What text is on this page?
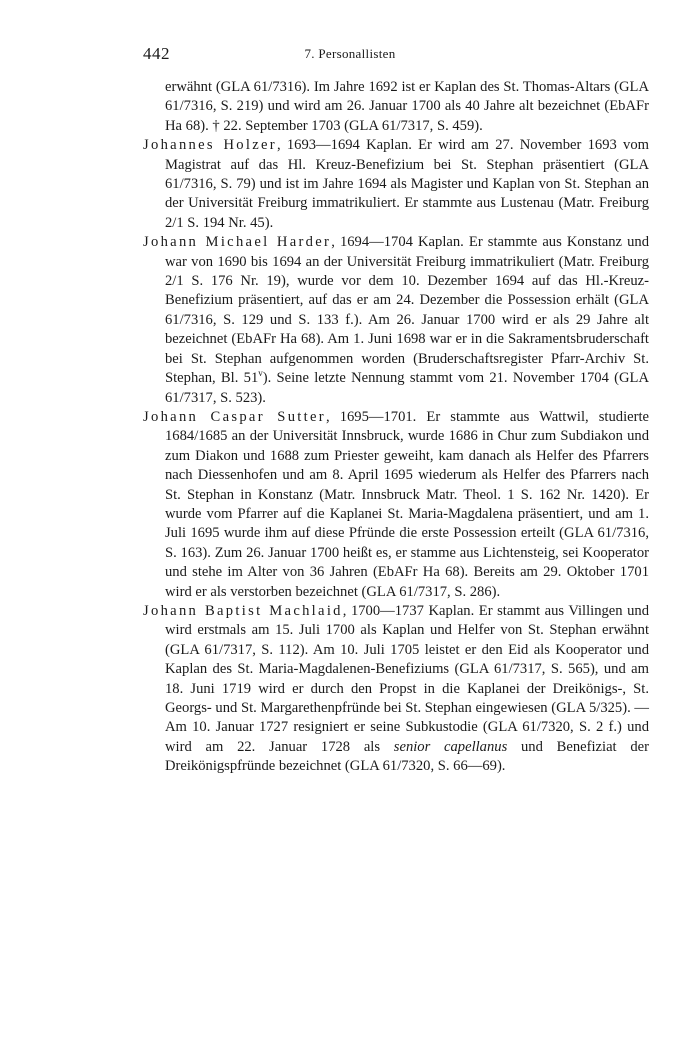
442	7. Personallisten

erwähnt (GLA 61/7316). Im Jahre 1692 ist er Kaplan des St. Thomas-Altars (GLA 61/7316, S. 219) und wird am 26. Januar 1700 als 40 Jahre alt bezeichnet (EbAFr Ha 68). † 22. September 1703 (GLA 61/7317, S. 459).

Johannes Holzer, 1693—1694 Kaplan. Er wird am 27. November 1693 vom Magistrat auf das Hl. Kreuz-Benefizium bei St. Stephan präsentiert (GLA 61/7316, S. 79) und ist im Jahre 1694 als Magister und Kaplan von St. Stephan an der Universität Freiburg immatrikuliert. Er stammte aus Lustenau (Matr. Freiburg 2/1 S. 194 Nr. 45).

Johann Michael Harder, 1694—1704 Kaplan. Er stammte aus Konstanz und war von 1690 bis 1694 an der Universität Freiburg immatrikuliert (Matr. Freiburg 2/1 S. 176 Nr. 19), wurde vor dem 10. Dezember 1694 auf das Hl.-Kreuz-Benefizium präsentiert, auf das er am 24. Dezember die Possession erhält (GLA 61/7316, S. 129 und S. 133 f.). Am 26. Januar 1700 wird er als 29 Jahre alt bezeichnet (EbAFr Ha 68). Am 1. Juni 1698 war er in die Sakramentsbruderschaft bei St. Stephan aufgenommen worden (Bruderschaftsregister Pfarr-Archiv St. Stephan, Bl. 51$^v$). Seine letzte Nennung stammt vom 21. November 1704 (GLA 61/7317, S. 523).

Johann Caspar Sutter, 1695—1701. Er stammte aus Wattwil, studierte 1684/1685 an der Universität Innsbruck, wurde 1686 in Chur zum Subdiakon und zum Diakon und 1688 zum Priester geweiht, kam danach als Helfer des Pfarrers nach Diessenhofen und am 8. April 1695 wiederum als Helfer des Pfarrers nach St. Stephan in Konstanz (Matr. Innsbruck Matr. Theol. 1 S. 162 Nr. 1420). Er wurde vom Pfarrer auf die Kaplanei St. Maria-Magdalena präsentiert, und am 1. Juli 1695 wurde ihm auf diese Pfründe die erste Possession erteilt (GLA 61/7316, S. 163). Zum 26. Januar 1700 heißt es, er stamme aus Lichtensteig, sei Kooperator und stehe im Alter von 36 Jahren (EbAFr Ha 68). Bereits am 29. Oktober 1701 wird er als verstorben bezeichnet (GLA 61/7317, S. 286).

Johann Baptist Machlaid, 1700—1737 Kaplan. Er stammt aus Villingen und wird erstmals am 15. Juli 1700 als Kaplan und Helfer von St. Stephan erwähnt (GLA 61/7317, S. 112). Am 10. Juli 1705 leistet er den Eid als Kooperator und Kaplan des St. Maria-Magdalenen-Benefiziums (GLA 61/7317, S. 565), und am 18. Juni 1719 wird er durch den Propst in die Kaplanei der Dreikönigs-, St. Georgs- und St. Margarethenpfründe bei St. Stephan eingewiesen (GLA 5/325). — Am 10. Januar 1727 resigniert er seine Subkustodie (GLA 61/7320, S. 2 f.) und wird am 22. Januar 1728 als senior capellanus und Benefiziat der Dreikönigspfründe bezeichnet (GLA 61/7320, S. 66—69).
